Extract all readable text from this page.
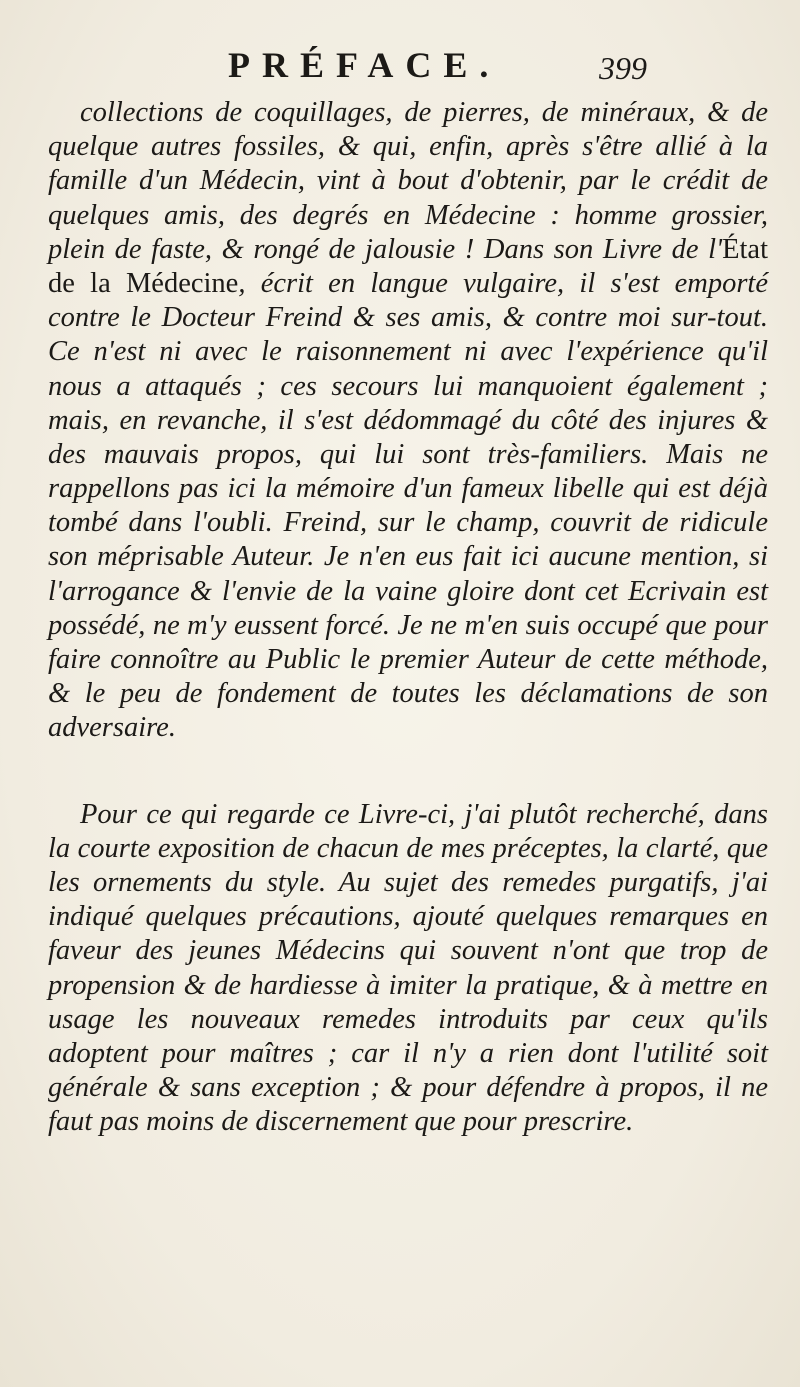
PRÉFACE.	399

collections de coquillages, de pierres, de minéraux, & de quelque autres fossiles, & qui, enfin, après s'être allié à la famille d'un Médecin, vint à bout d'obtenir, par le crédit de quelques amis, des degrés en Médecine : homme grossier, plein de faste, & rongé de jalousie ! Dans son Livre de l'État de la Médecine, écrit en langue vulgaire, il s'est emporté contre le Docteur Freind & ses amis, & contre moi sur-tout. Ce n'est ni avec le raisonnement ni avec l'expérience qu'il nous a attaqués ; ces secours lui manquoient également ; mais, en revanche, il s'est dédommagé du côté des injures & des mauvais propos, qui lui sont très-familiers. Mais ne rappellons pas ici la mémoire d'un fameux libelle qui est déjà tombé dans l'oubli. Freind, sur le champ, couvrit de ridicule son méprisable Auteur. Je n'en eus fait ici aucune mention, si l'arrogance & l'envie de la vaine gloire dont cet Ecrivain est possédé, ne m'y eussent forcé. Je ne m'en suis occupé que pour faire connoître au Public le premier Auteur de cette méthode, & le peu de fondement de toutes les déclamations de son adversaire.

Pour ce qui regarde ce Livre-ci, j'ai plutôt recherché, dans la courte exposition de chacun de mes préceptes, la clarté, que les ornements du style. Au sujet des remedes purgatifs, j'ai indiqué quelques précautions, ajouté quelques remarques en faveur des jeunes Médecins qui souvent n'ont que trop de propension & de hardiesse à imiter la pratique, & à mettre en usage les nouveaux remedes introduits par ceux qu'ils adoptent pour maîtres ; car il n'y a rien dont l'utilité soit générale & sans exception ; & pour défendre à propos, il ne faut pas moins de discernement que pour prescrire.
